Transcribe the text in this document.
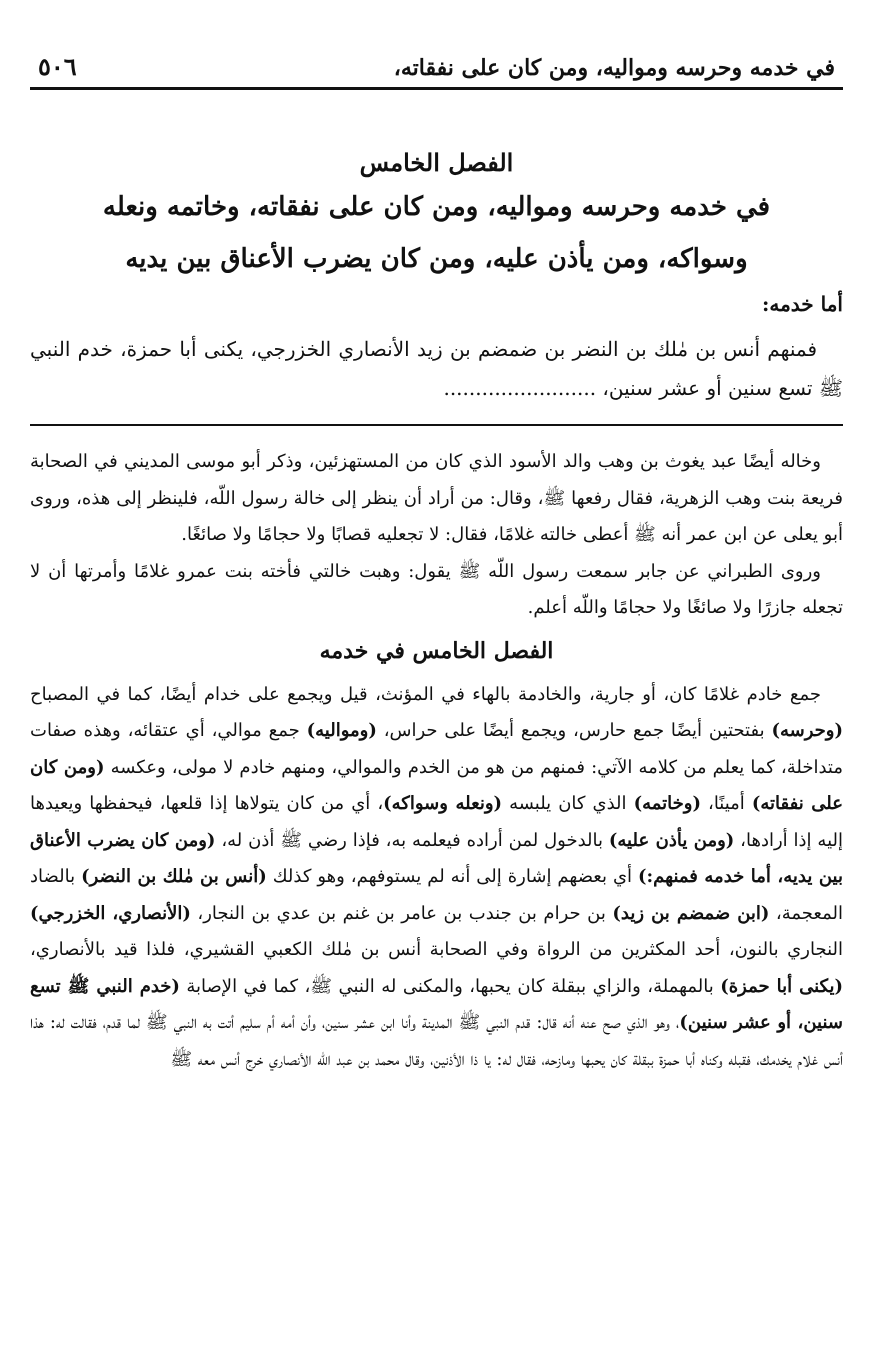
في خدمه وحرسه ومواليه، ومن كان على نفقاته،
٥٠٦
الفصل الخامس
في خدمه وحرسه ومواليه، ومن كان على نفقاته، وخاتمه ونعله
وسواكه، ومن يأذن عليه، ومن كان يضرب الأعناق بين يديه
أما خدمه:

فمنهم أنس بن مٰلك بن النضر بن ضمضم بن زيد الأنصاري الخزرجي، يكنى أبا حمزة، خدم النبي ﷺ تسع سنين أو عشر سنين، ........................

وخاله أيضًا عبد يغوث بن وهب والد الأسود الذي كان من المستهزئين، وذكر أبو موسى المديني في الصحابة فريعة بنت وهب الزهرية، فقال رفعها ﷺ، وقال: من أراد أن ينظر إلى خالة رسول اللّه، فلينظر إلى هذه، وروى أبو يعلى عن ابن عمر أنه ﷺ أعطى خالته غلامًا، فقال: لا تجعليه قصابًا ولا حجامًا ولا صائغًا.

وروى الطبراني عن جابر سمعت رسول اللّه ﷺ يقول: وهبت خالتي فأخته بنت عمرو غلامًا وأمرتها أن لا تجعله جازرًا ولا صائغًا ولا حجامًا واللّه أعلم.

الفصل الخامس في خدمه

جمع خادم غلامًا كان، أو جارية، والخادمة بالهاء في المؤنث، قيل ويجمع على خدام أيضًا، كما في المصباح (وحرسه) بفتحتين أيضًا جمع حارس، ويجمع أيضًا على حراس، (ومواليه) جمع موالي، أي عتقائه، وهذه صفات متداخلة، كما يعلم من كلامه الآتي: فمنهم من هو من الخدم والموالي، ومنهم خادم لا مولى، وعكسه (ومن كان على نفقاته) أمينًا، (وخاتمه) الذي كان يلبسه (ونعله وسواكه)، أي من كان يتولاها إذا قلعها، فيحفظها ويعيدها إليه إذا أرادها، (ومن يأذن عليه) بالدخول لمن أراده فيعلمه به، فإذا رضي ﷺ أذن له، (ومن كان يضرب الأعناق بين يديه، أما خدمه فمنهم:) أي بعضهم إشارة إلى أنه لم يستوفهم، وهو كذلك (أنس بن مٰلك بن النضر) بالضاد المعجمة، (ابن ضمضم بن زيد) بن حرام بن جندب بن عامر بن غنم بن عدي بن النجار، (الأنصاري، الخزرجي) النجاري بالنون، أحد المكثرين من الرواة وفي الصحابة أنس بن مٰلك الكعبي القشيري، فلذا قيد بالأنصاري، (يكنى أبا حمزة) بالمهملة، والزاي ببقلة كان يحبها، والمكنى له النبي ﷺ، كما في الإصابة (خدم النبي ﷺ تسع سنين، أو عشر سنين)، وهو الذي صح عنه أنه قال: قدم النبي ﷺ المدينة وأنا ابن عشر سنين، وأن أمه أم سليم أتت به النبي ﷺ لما قدم، فقالت له: هذا أنس غلام يخدمك، فقبله وكناه أبا حمزة ببقلة كان يحبها ومازحه، فقال له: يا ذا الأذنين، وقال محمد بن عبد اللّه الأنصاري خرج أنس معه ﷺ
